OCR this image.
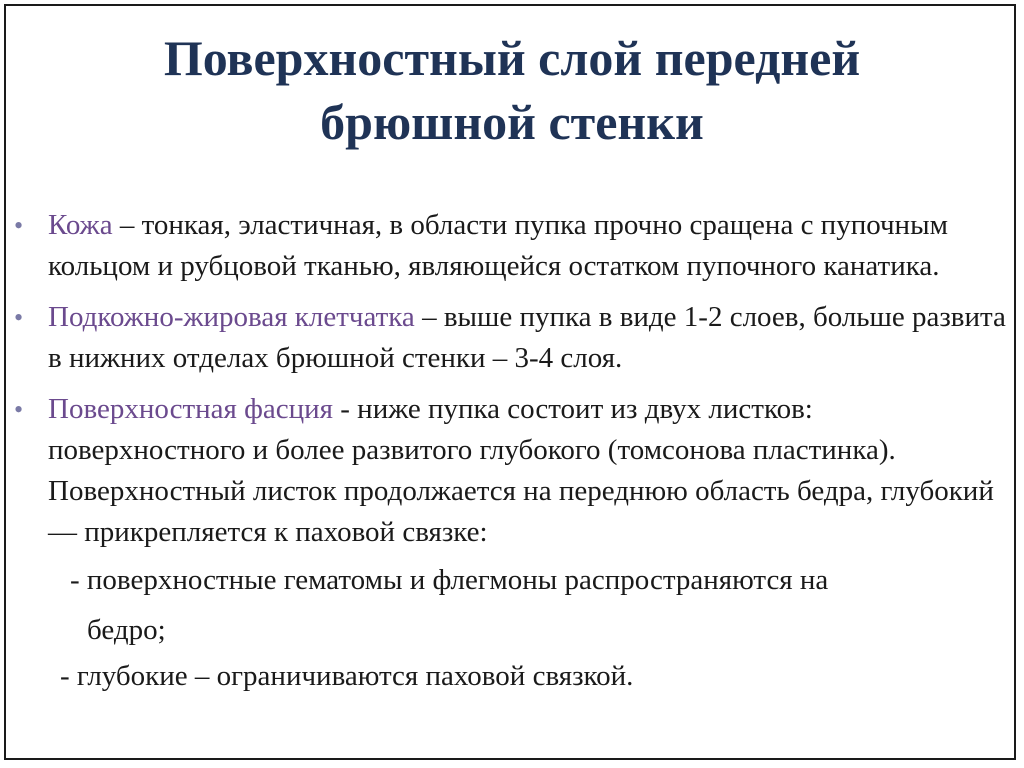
Поверхностный слой передней
брюшной стенки
• Кожа – тонкая, эластичная, в области пупка прочно сращена с пупочным кольцом и рубцовой тканью, являющейся остатком пупочного канатика.
• Подкожно-жировая клетчатка – выше пупка в виде 1-2 слоев, больше развита в нижних отделах брюшной стенки – 3-4 слоя.
• Поверхностная фасция - ниже пупка состоит из двух листков: поверхностного и более развитого глубокого (томсонова пластинка). Поверхностный листок продолжается на переднюю область бедра, глубокий — прикрепляется к паховой связке:
- поверхностные гематомы и флегмоны распространяются на
бедро;
- глубокие – ограничиваются паховой связкой.
